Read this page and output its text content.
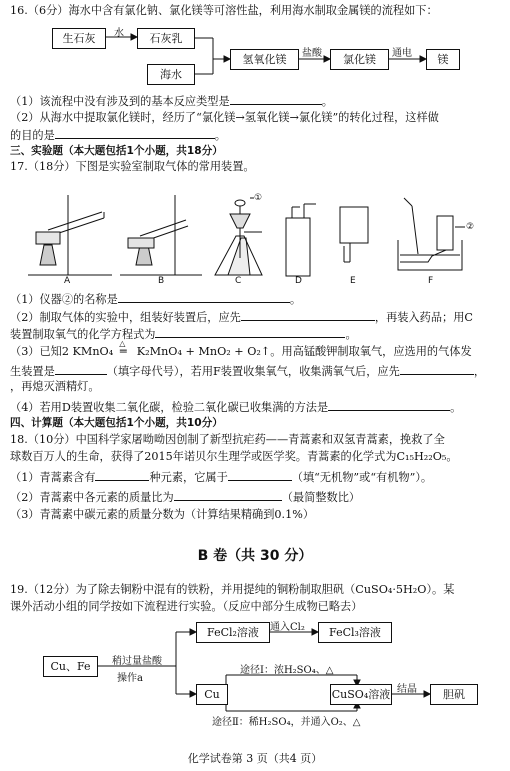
16.（6分）海水中含有氯化钠、氯化镁等可溶性盐，利用海水制取金属镁的流程如下：
生石灰	石灰乳
海水
氢氧化镁	氯化镁	镁
水
盐酸	通电
（1）该流程中没有涉及到的基本反应类型是	。
（2）从海水中提取氯化镁时，经历了“氯化镁→氢氧化镁→氯化镁”的转化过程，这样做
的目的是	。
三、实验题（本大题包括1个小题，共18分）
17.（18分）下图是实验室制取气体的常用装置。
①
②
A	B	C	D	E	F
（1）仪器②的名称是	。
（2）制取气体的实验中，组装好装置后，应先	，再装入药品；用C
装置制取氧气的化学方程式为	。
（3）已知2 KMnO₄
△
═ K₂MnO₄ + MnO₂ + O₂↑。用高锰酸钾制取氧气，应选用的气体发
生装置是	（填字母代号），若用F装置收集氧气，收集满氧气后，应先	，
，再熄灭酒精灯。
（4）若用D装置收集二氧化碳，检验二氧化碳已收集满的方法是	。
四、计算题（本大题包括1个小题，共10分）
18.（10分）中国科学家屠呦呦因创制了新型抗疟药——青蒿素和双氢青蒿素，挽救了全
球数百万人的生命，获得了2015年诺贝尔生理学或医学奖。青蒿素的化学式为C₁₅H₂₂O₅。
（1）青蒿素含有	种元素，它属于	（填“无机物”或“有机物”）。
（2）青蒿素中各元素的质量比为	（最简整数比）
（3）青蒿素中碳元素的质量分数为（计算结果精确到0.1%）
B 卷（共 30 分）
19.（12分）为了除去铜粉中混有的铁粉，并用提纯的铜粉制取胆矾（CuSO₄·5H₂O）。某
课外活动小组的同学按如下流程进行实验。（反应中部分生成物已略去）
Cu、Fe
FeCl₂溶液	FeCl₃溶液
Cu	CuSO₄溶液	胆矾
稍过量盐酸
操作a
通入Cl₂
途径Ⅰ：浓H₂SO₄、△
途径Ⅱ：稀H₂SO₄，并通入O₂、△
结晶
化学试卷第 3 页（共4 页）
